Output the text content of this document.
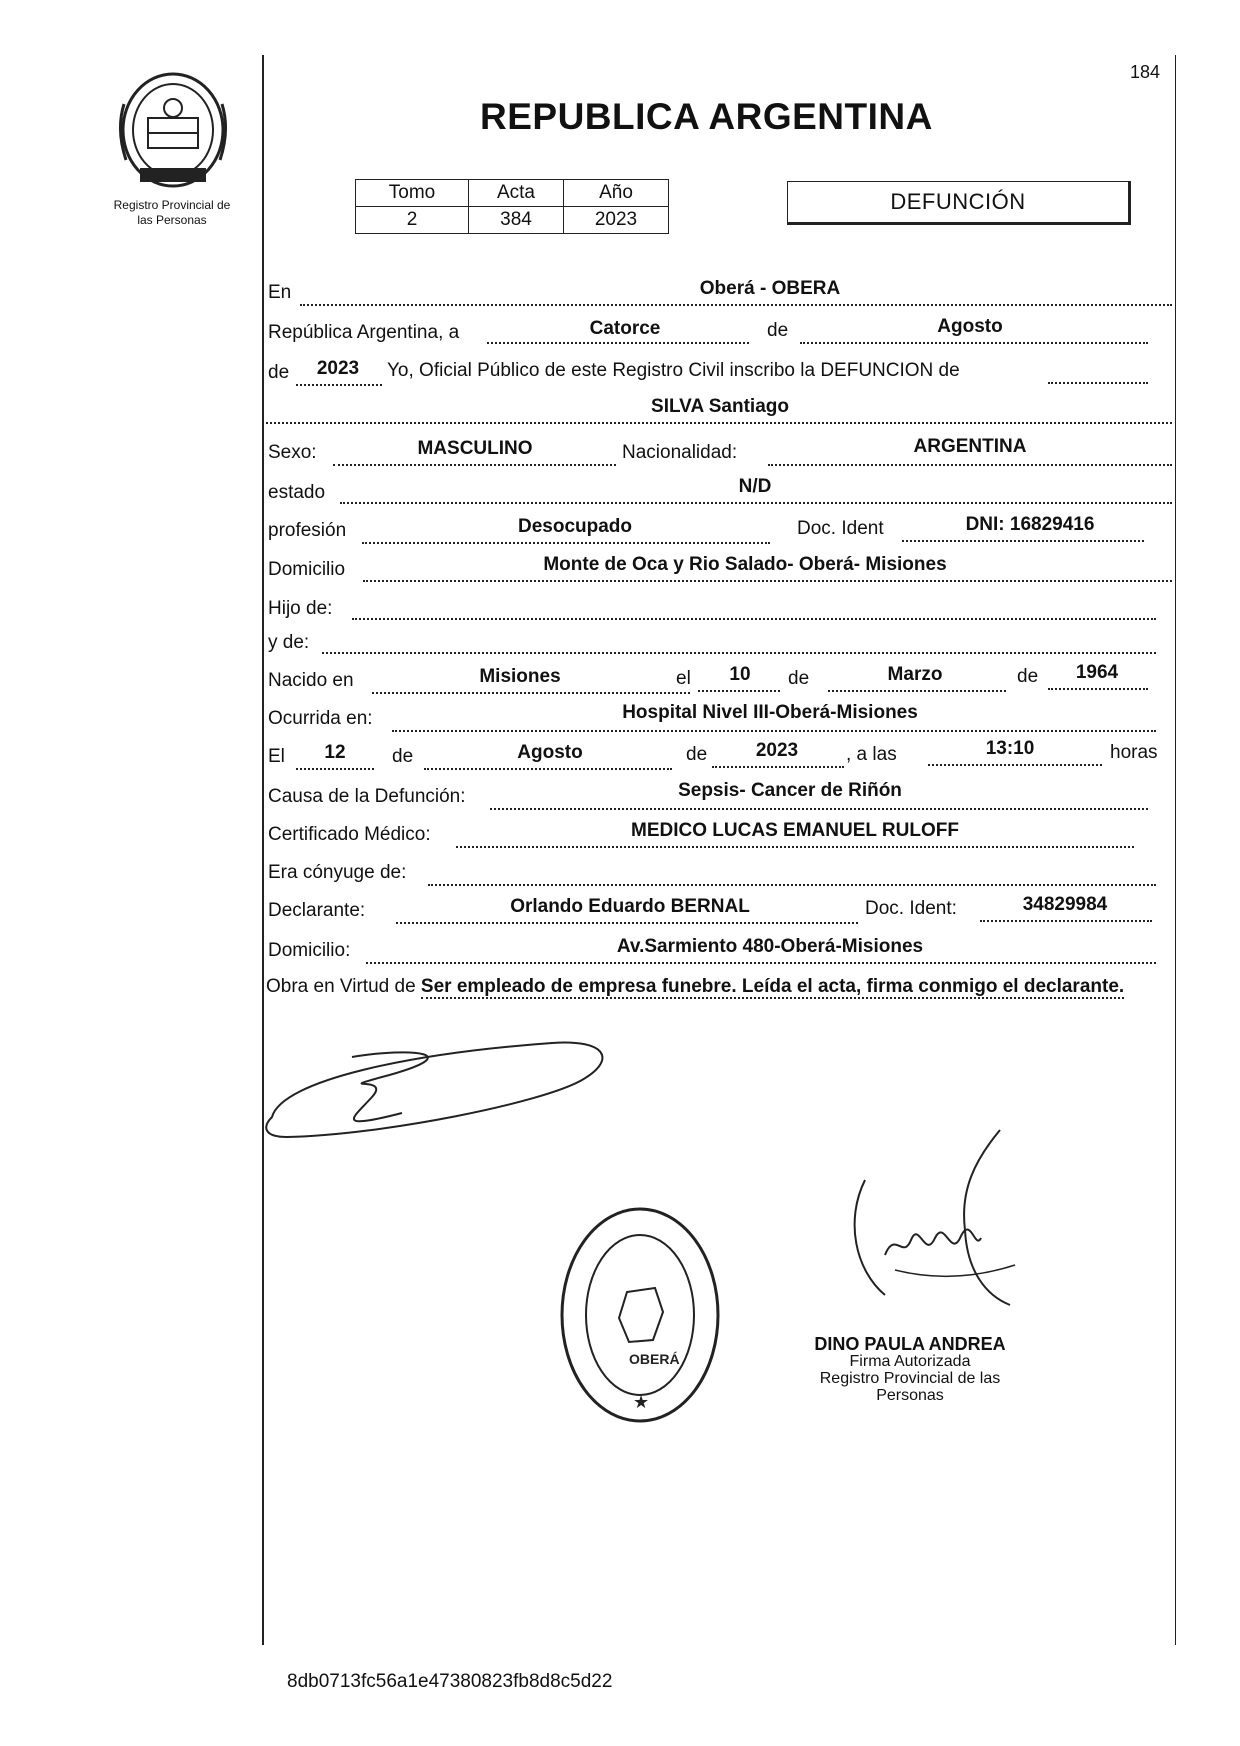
184
REPUBLICA ARGENTINA
Registro Provincial de
las Personas
Tomo	Acta	Año
2	384	2023
DEFUNCIÓN
En	Oberá - OBERA
República Argentina, a	Catorce	de	Agosto
de	2023	Yo, Oficial Público de este Registro Civil inscribo la DEFUNCION de
SILVA Santiago
Sexo:	MASCULINO	Nacionalidad:	ARGENTINA
estado	N/D
profesión	Desocupado	Doc. Ident	DNI: 16829416
Domicilio	Monte de Oca y Rio Salado- Oberá- Misiones
Hijo de:
y de:
Nacido en	Misiones	el	10	de	Marzo	de	1964
Ocurrida en:	Hospital Nivel III-Oberá-Misiones
El	12	de	Agosto	de	2023	, a las	13:10	horas
Causa de la Defunción:	Sepsis- Cancer de Riñón
Certificado Médico:	MEDICO LUCAS EMANUEL RULOFF
Era cónyuge de:
Declarante:	Orlando Eduardo BERNAL	Doc. Ident:	34829984
Domicilio:	Av.Sarmiento 480-Oberá-Misiones
Obra en Virtud de Ser empleado de empresa funebre. Leída el acta, firma conmigo el declarante.
OBERÁ
★
DINO PAULA ANDREA
Firma Autorizada
Registro Provincial de las
Personas
8db0713fc56a1e47380823fb8d8c5d22
